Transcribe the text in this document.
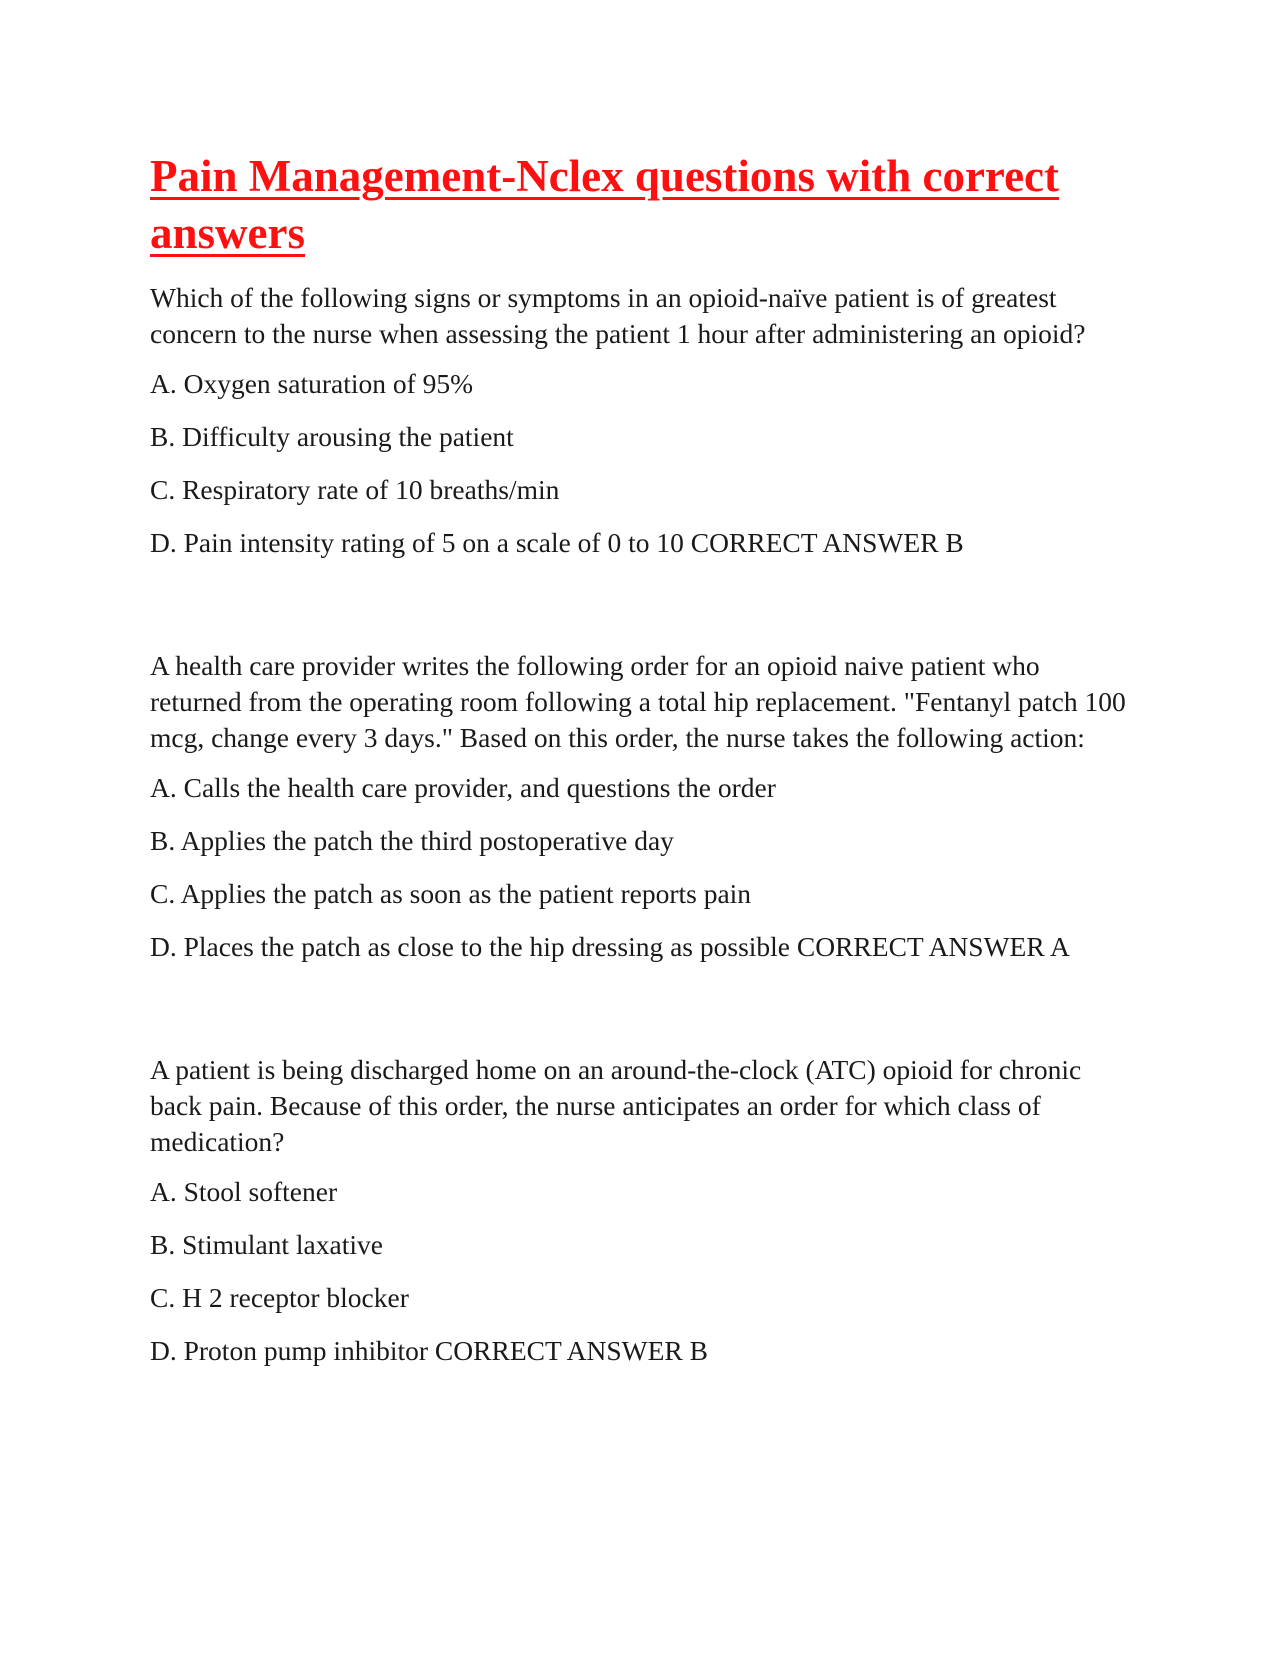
Pain Management-Nclex questions with correct answers

Which of the following signs or symptoms in an opioid-naïve patient is of greatest concern to the nurse when assessing the patient 1 hour after administering an opioid?

A. Oxygen saturation of 95%

B. Difficulty arousing the patient

C. Respiratory rate of 10 breaths/min

D. Pain intensity rating of 5 on a scale of 0 to 10 CORRECT ANSWER B

A health care provider writes the following order for an opioid naive patient who returned from the operating room following a total hip replacement. "Fentanyl patch 100 mcg, change every 3 days." Based on this order, the nurse takes the following action:

A. Calls the health care provider, and questions the order

B. Applies the patch the third postoperative day

C. Applies the patch as soon as the patient reports pain

D. Places the patch as close to the hip dressing as possible CORRECT ANSWER A

A patient is being discharged home on an around-the-clock (ATC) opioid for chronic back pain. Because of this order, the nurse anticipates an order for which class of medication?

A. Stool softener

B. Stimulant laxative

C. H 2 receptor blocker

D. Proton pump inhibitor CORRECT ANSWER B
